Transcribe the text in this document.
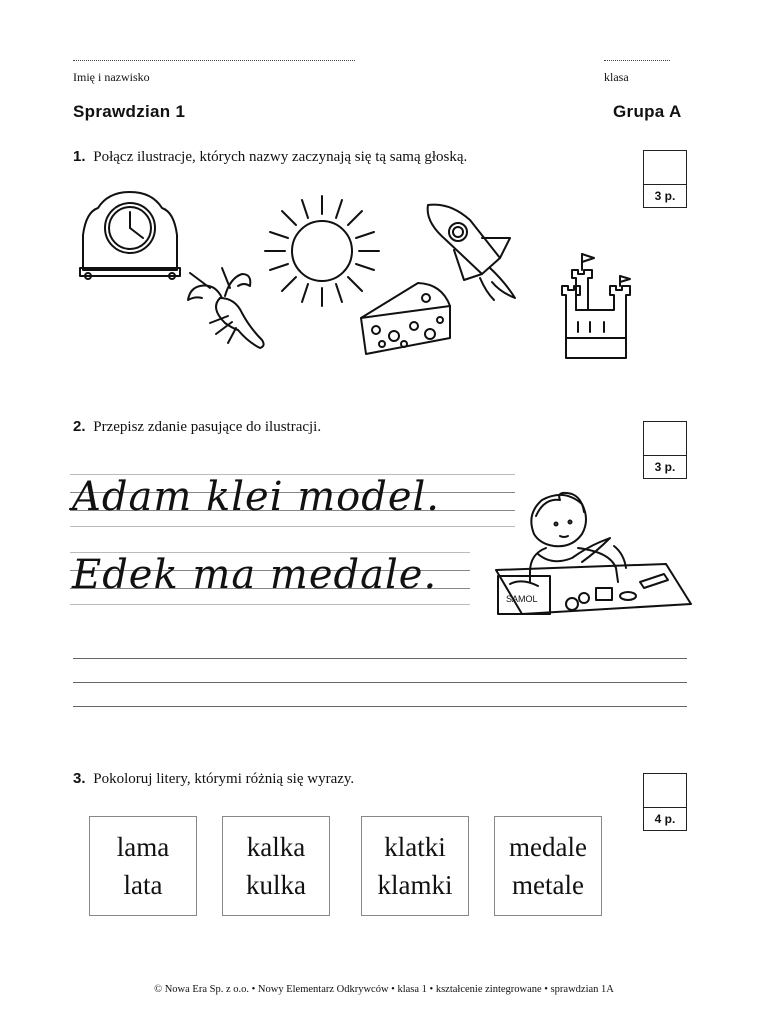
Imię i nazwisko	klasa
Sprawdzian 1	Grupa A
1. Połącz ilustracje, których nazwy zaczynają się tą samą głoską.
3 p.
2. Przepisz zdanie pasujące do ilustracji.
3 p.
Adam klei model.
Edek ma medale.
SAMOL
3. Pokoloruj litery, którymi różnią się wyrazy.
4 p.
lama
lata
kalka
kulka
klatki
klamki
medale
metale
© Nowa Era Sp. z o.o. • Nowy Elementarz Odkrywców • klasa 1 • kształcenie zintegrowane • sprawdzian 1A
